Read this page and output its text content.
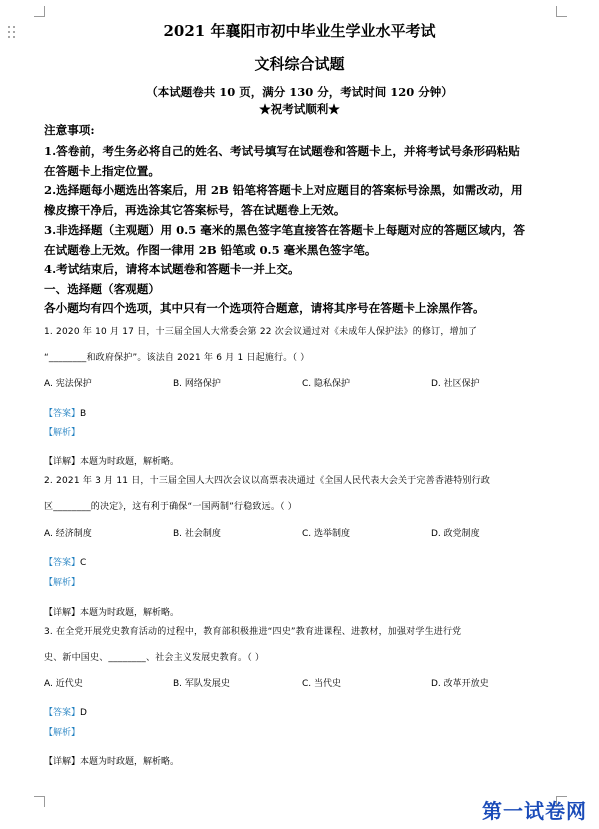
2021 年襄阳市初中毕业生学业水平考试
文科综合试题
（本试题卷共 10 页，满分 130 分，考试时间 120 分钟）
★祝考试顺利★
注意事项:
1.答卷前，考生务必将自己的姓名、考试号填写在试题卷和答题卡上，并将考试号条形码粘贴
在答题卡上指定位置。
2.选择题每小题选出答案后，用 2B 铅笔将答题卡上对应题目的答案标号涂黑，如需改动，用
橡皮擦干净后，再选涂其它答案标号，答在试题卷上无效。
3.非选择题（主观题）用 0.5 毫米的黑色签字笔直接答在答题卡上每题对应的答题区域内，答
在试题卷上无效。作图一律用 2B 铅笔或 0.5 毫米黑色签字笔。
4.考试结束后，请将本试题卷和答题卡一并上交。
一、选择题（客观题）
各小题均有四个选项，其中只有一个选项符合题意，请将其序号在答题卡上涂黑作答。
1. 2020 年 10 月 17 日，十三届全国人大常委会第 22 次会议通过对《未成年人保护法》的修订，增加了
“________和政府保护”。该法自 2021 年 6 月 1 日起施行。（ ）
A. 宪法保护	B. 网络保护	C. 隐私保护	D. 社区保护
【答案】B
【解析】
【详解】本题为时政题，解析略。
2. 2021 年 3 月 11 日，十三届全国人大四次会议以高票表决通过《全国人民代表大会关于完善香港特别行政
区________的决定》，这有利于确保“一国两制”行稳致远。（ ）
A. 经济制度	B. 社会制度	C. 选举制度	D. 政党制度
【答案】C
【解析】
【详解】本题为时政题，解析略。
3. 在全党开展党史教育活动的过程中，教育部积极推进“四史”教育进课程、进教材，加强对学生进行党
史、新中国史、________、社会主义发展史教育。（ ）
A. 近代史	B. 军队发展史	C. 当代史	D. 改革开放史
【答案】D
【解析】
【详解】本题为时政题，解析略。
第一试卷网
